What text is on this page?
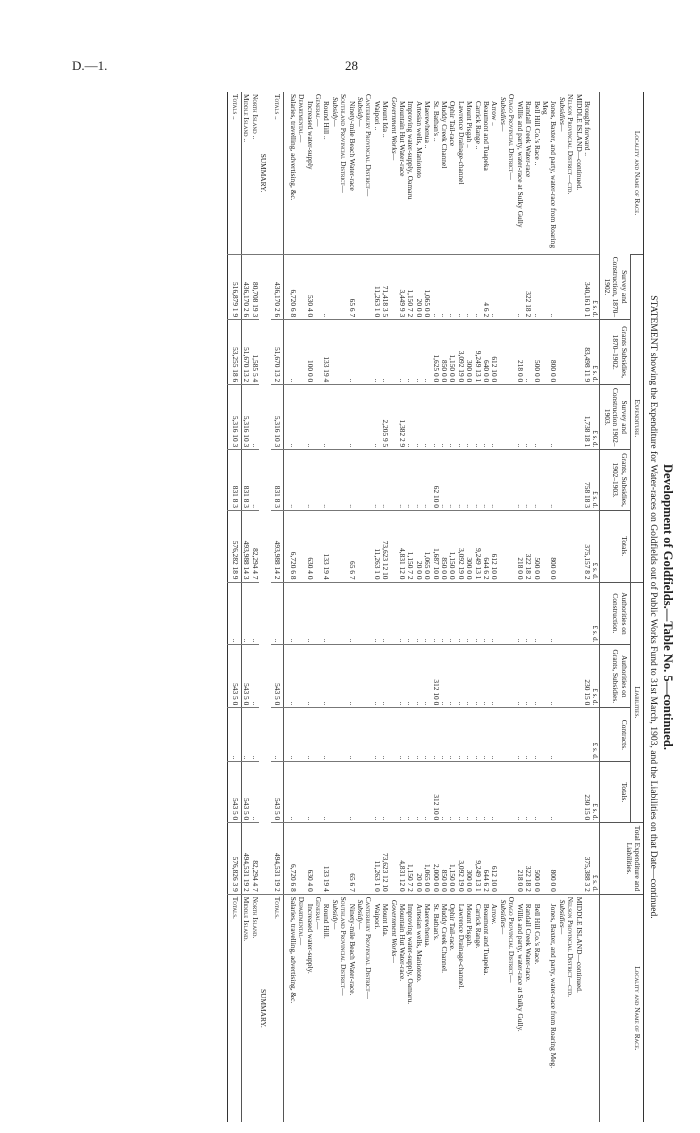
D.—1.	28
Development of Goldfields.—Table No. 5—continued.
STATEMENT showing the Expenditure for Water-races on Goldfields out of Public Works Fund to 31st March, 1903, and the Liabilities on that Date—continued.
Locality and Name of Race.	Expenditure.					Liabilities.				Total Expenditure and Liabilities.	Locality and Name of Race.
	Survey and Construction, 1870–1902.	Grants Subsidies, 1870–1902.	Survey and Construction 1902–1903.	Grants, Subsidies, 1902–1903.	Totals.	Authorities on Construction.	Authorities on Grants, Subsidies.	Contracts.	Totals.		
	£ s. d.	£ s. d.	£ s. d.	£ s. d.	£ s. d.	£ s. d.	£ s. d.	£ s. d.	£ s. d.	£ s. d.	
Brought forward ..	340,161 0 1	83,498 11 9	1,738 18 1	758 18 3	375,157 8 2		230 15 0		230 15 0	375,388 3 2	
MIDDLE ISLAND—continued.											MIDDLE ISLAND—continued.
Nelson Provincial District—ctd.											Nelson Provincial District—ctd.
Subsidies—											Subsidies—
Jones, Baxter, and party, water-race from Roaring Meg	..	800 0 0	..	..	800 0 0	..	..	..	..	800 0 0	Jones, Baxter, and party, water-race from Roaring Meg.
Bell Hill Co.'s Race ..	..	500 0 0	..	..	500 0 0	..	..	..	..	500 0 0	Bell Hill Co.'s Race.
Randall Creek Water-race	322 18 2	..	..	..	322 18 2	..	..	..	..	322 18 2	Randall Creek Water-race.
Willis and party, water-race at Sulky Gully	..	218 0 0	..	..	218 0 0	..	..	..	..	218 0 0	Willis and party, water-race at Sulky Gully.
Otago Provincial District—											Otago Provincial District—
Subsidies—											Subsidies—
Arrow ..	..	612 10 0	..	..	612 10 0	..	..	..	..	612 10 0	Arrow.
Beaumont and Tuapeka	4 6 2	640 0 0	..	..	644 6 2	..	..	..	..	644 6 2	Beaumont and Tuapeka.
Carrick Range ..	..	9,249 13 1	..	..	9,249 13 1	..	..	..	..	9,249 13 1	Carrick Range.
Mount Pisgah ..	..	300 0 0	..	..	300 0 0	..	..	..	..	300 0 0	Mount Pisgah.
Lawrence Drainage-channel	..	3,092 19 0	..	..	3,092 19 0	..	..	..	..	3,092 19 0	Lawrence Drainage-channel.
Ophir Tail-race	..	1,150 0 0	..	..	1,150 0 0	..	..	..	..	1,150 0 0	Ophir Tail-race.
Muddy Creek Channel	..	850 0 0	..	..	850 0 0	..	..	..	..	850 0 0	Muddy Creek Channel.
St. Bathan's ..	..	1,625 0 0	..	62 10 0	1,687 10 0	..	312 10 0	..	312 10 0	2,000 0 0	St. Bathan's.
Maerewhenua ..	1,065 0 0	..	..	..	1,065 0 0	..	..	..	..	1,065 0 0	Maerewhenua.
Artesian wells, Maniototo	20 0 0	..	..	..	20 0 0	..	..	..	..	20 0 0	Artesian wells, Maniototo.
Improving water-supply, Oamaru	1,150 7 2	..	..	..	1,150 7 2	..	..	..	..	1,150 7 2	Improving water-supply, Oamaru.
Mountain Hut Water-race	3,449 9 3	..	1,382 2 9	..	4,831 12 0	..	..	..	..	4,831 12 0	Mountain Hut Water-race.
Government Works—											Government Works—
Mount Ida ..	71,418 3 5	..	2,205 9 5	..	73,623 12 10	..	..	..	..	73,623 12 10	Mount Ida.
Waipori ..	11,263 1 0	..	..	..	11,263 1 0	..	..	..	..	11,263 1 0	Waipori.
Canterbury Provincial District—											Canterbury Provincial District—
Subsidy—											Subsidy—
Ninety-mile Beach Water-race	65 6 7	..	..	..	65 6 7	..	..	..	..	65 6 7	Ninety-mile Beach Water-race.
Southland Provincial District—											Southland Provincial District—
Subsidy—											Subsidy—
Round Hill ..	..	133 19 4	..	..	133 19 4	..	..	..	..	133 19 4	Round Hill.
General—											General—
Increased water-supply	530 4 0	100 0 0	..	..	630 4 0	..	..	..	..	630 4 0	Increased water-supply.
Departmental—											Departmental—
Salaries, travelling, advertising, &c.	6,720 6 8	..	..	..	6,720 6 8	..	..	..	..	6,720 6 8	Salaries, travelling, advertising, &c.
Totals ..	436,170 2 6	51,670 13 2	5,316 10 3	831 8 3	493,988 14 2	..	543 5 0	..	543 5 0	494,531 19 2	Totals.
SUMMARY.											SUMMARY.
North Island ..	80,708 19 3	1,585 5 4	..	..	82,294 4 7	..	..	..	..	82,294 4 7	North Island.
Middle Island ..	436,170 2 6	51,670 13 2	5,316 10 3	831 8 3	493,988 14 3	..	543 5 0	..	543 5 0	494,531 19 2	Middle Island.
Totals ..	516,879 1 9	53,255 18 6	5,316 10 3	831 8 3	576,282 18 9	..	543 5 0	..	543 5 0	576,826 3 9	Totals.
